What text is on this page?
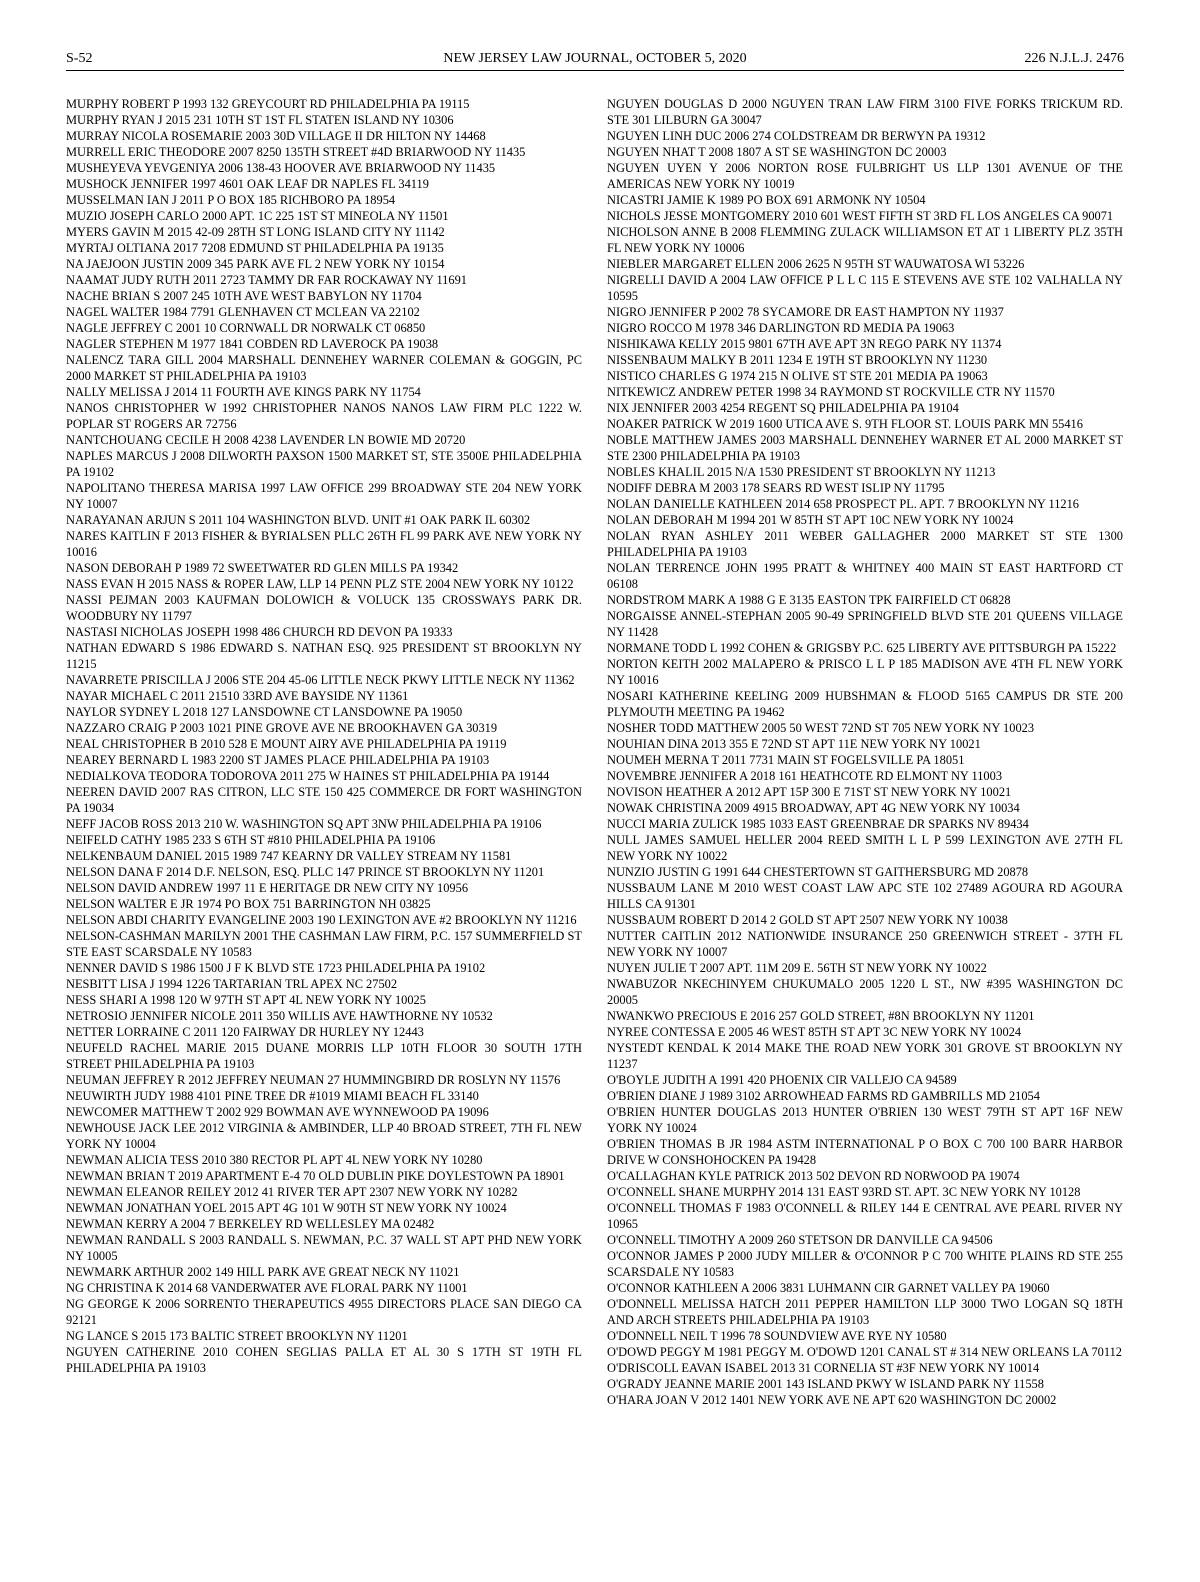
S-52	NEW JERSEY LAW JOURNAL, OCTOBER 5, 2020	226 N.J.L.J. 2476

MURPHY ROBERT P 1993 132 GREYCOURT RD PHILADELPHIA PA 19115

MURPHY RYAN J 2015 231 10TH ST 1ST FL STATEN ISLAND NY 10306

MURRAY NICOLA ROSEMARIE 2003 30D VILLAGE II DR HILTON NY 14468

MURRELL ERIC THEODORE 2007 8250 135TH STREET #4D BRIARWOOD NY 11435

MUSHEYEVA YEVGENIYA 2006 138-43 HOOVER AVE BRIARWOOD NY 11435

MUSHOCK JENNIFER 1997 4601 OAK LEAF DR NAPLES FL 34119

MUSSELMAN IAN J 2011 P O BOX 185 RICHBORO PA 18954

MUZIO JOSEPH CARLO 2000 APT. 1C 225 1ST ST MINEOLA NY 11501

MYERS GAVIN M 2015 42-09 28TH ST LONG ISLAND CITY NY 11142

MYRTAJ OLTIANA 2017 7208 EDMUND ST PHILADELPHIA PA 19135

NA JAEJOON JUSTIN 2009 345 PARK AVE FL 2 NEW YORK NY 10154

NAAMAT JUDY RUTH 2011 2723 TAMMY DR FAR ROCKAWAY NY 11691

NACHE BRIAN S 2007 245 10TH AVE WEST BABYLON NY 11704

NAGEL WALTER 1984 7791 GLENHAVEN CT MCLEAN VA 22102

NAGLE JEFFREY C 2001 10 CORNWALL DR NORWALK CT 06850

NAGLER STEPHEN M 1977 1841 COBDEN RD LAVEROCK PA 19038

NALENCZ TARA GILL 2004 MARSHALL DENNEHEY WARNER COLEMAN & GOGGIN, PC 2000 MARKET ST PHILADELPHIA PA 19103

NALLY MELISSA J 2014 11 FOURTH AVE KINGS PARK NY 11754

NANOS CHRISTOPHER W 1992 CHRISTOPHER NANOS NANOS LAW FIRM PLC 1222 W. POPLAR ST ROGERS AR 72756

NANTCHOUANG CECILE H 2008 4238 LAVENDER LN BOWIE MD 20720

NAPLES MARCUS J 2008 DILWORTH PAXSON 1500 MARKET ST, STE 3500E PHILADELPHIA PA 19102

NAPOLITANO THERESA MARISA 1997 LAW OFFICE 299 BROADWAY STE 204 NEW YORK NY 10007

NARAYANAN ARJUN S 2011 104 WASHINGTON BLVD. UNIT #1 OAK PARK IL 60302

NARES KAITLIN F 2013 FISHER & BYRIALSEN PLLC 26TH FL 99 PARK AVE NEW YORK NY 10016

NASON DEBORAH P 1989 72 SWEETWATER RD GLEN MILLS PA 19342

NASS EVAN H 2015 NASS & ROPER LAW, LLP 14 PENN PLZ STE 2004 NEW YORK NY 10122

NASSI PEJMAN 2003 KAUFMAN DOLOWICH & VOLUCK 135 CROSSWAYS PARK DR. WOODBURY NY 11797

NASTASI NICHOLAS JOSEPH 1998 486 CHURCH RD DEVON PA 19333

NATHAN EDWARD S 1986 EDWARD S. NATHAN ESQ. 925 PRESIDENT ST BROOKLYN NY 11215

NAVARRETE PRISCILLA J 2006 STE 204 45-06 LITTLE NECK PKWY LITTLE NECK NY 11362

NAYAR MICHAEL C 2011 21510 33RD AVE BAYSIDE NY 11361

NAYLOR SYDNEY L 2018 127 LANSDOWNE CT LANSDOWNE PA 19050

NAZZARO CRAIG P 2003 1021 PINE GROVE AVE NE BROOKHAVEN GA 30319

NEAL CHRISTOPHER B 2010 528 E MOUNT AIRY AVE PHILADELPHIA PA 19119

NEAREY BERNARD L 1983 2200 ST JAMES PLACE PHILADELPHIA PA 19103

NEDIALKOVA TEODORA TODOROVA 2011 275 W HAINES ST PHILADELPHIA PA 19144

NEEREN DAVID 2007 RAS CITRON, LLC STE 150 425 COMMERCE DR FORT WASHINGTON PA 19034

NEFF JACOB ROSS 2013 210 W. WASHINGTON SQ APT 3NW PHILADELPHIA PA 19106

NEIFELD CATHY 1985 233 S 6TH ST #810 PHILADELPHIA PA 19106

NELKENBAUM DANIEL 2015 1989 747 KEARNY DR VALLEY STREAM NY 11581

NELSON DANA F 2014 D.F. NELSON, ESQ. PLLC 147 PRINCE ST BROOKLYN NY 11201

NELSON DAVID ANDREW 1997 11 E HERITAGE DR NEW CITY NY 10956

NELSON WALTER E JR 1974 PO BOX 751 BARRINGTON NH 03825

NELSON ABDI CHARITY EVANGELINE 2003 190 LEXINGTON AVE #2 BROOKLYN NY 11216

NELSON-CASHMAN MARILYN 2001 THE CASHMAN LAW FIRM, P.C. 157 SUMMERFIELD ST STE EAST SCARSDALE NY 10583

NENNER DAVID S 1986 1500 J F K BLVD STE 1723 PHILADELPHIA PA 19102

NESBITT LISA J 1994 1226 TARTARIAN TRL APEX NC 27502

NESS SHARI A 1998 120 W 97TH ST APT 4L NEW YORK NY 10025

NETROSIO JENNIFER NICOLE 2011 350 WILLIS AVE HAWTHORNE NY 10532

NETTER LORRAINE C 2011 120 FAIRWAY DR HURLEY NY 12443

NEUFELD RACHEL MARIE 2015 DUANE MORRIS LLP 10TH FLOOR 30 SOUTH 17TH STREET PHILADELPHIA PA 19103

NEUMAN JEFFREY R 2012 JEFFREY NEUMAN 27 HUMMINGBIRD DR ROSLYN NY 11576

NEUWIRTH JUDY 1988 4101 PINE TREE DR #1019 MIAMI BEACH FL 33140

NEWCOMER MATTHEW T 2002 929 BOWMAN AVE WYNNEWOOD PA 19096

NEWHOUSE JACK LEE 2012 VIRGINIA & AMBINDER, LLP 40 BROAD STREET, 7TH FL NEW YORK NY 10004

NEWMAN ALICIA TESS 2010 380 RECTOR PL APT 4L NEW YORK NY 10280

NEWMAN BRIAN T 2019 APARTMENT E-4 70 OLD DUBLIN PIKE DOYLESTOWN PA 18901

NEWMAN ELEANOR REILEY 2012 41 RIVER TER APT 2307 NEW YORK NY 10282

NEWMAN JONATHAN YOEL 2015 APT 4G 101 W 90TH ST NEW YORK NY 10024

NEWMAN KERRY A 2004 7 BERKELEY RD WELLESLEY MA 02482

NEWMAN RANDALL S 2003 RANDALL S. NEWMAN, P.C. 37 WALL ST APT PHD NEW YORK NY 10005

NEWMARK ARTHUR 2002 149 HILL PARK AVE GREAT NECK NY 11021

NG CHRISTINA K 2014 68 VANDERWATER AVE FLORAL PARK NY 11001

NG GEORGE K 2006 SORRENTO THERAPEUTICS 4955 DIRECTORS PLACE SAN DIEGO CA 92121

NG LANCE S 2015 173 BALTIC STREET BROOKLYN NY 11201

NGUYEN CATHERINE 2010 COHEN SEGLIAS PALLA ET AL 30 S 17TH ST 19TH FL PHILADELPHIA PA 19103

NGUYEN DOUGLAS D 2000 NGUYEN TRAN LAW FIRM 3100 FIVE FORKS TRICKUM RD. STE 301 LILBURN GA 30047

NGUYEN LINH DUC 2006 274 COLDSTREAM DR BERWYN PA 19312

NGUYEN NHAT T 2008 1807 A ST SE WASHINGTON DC 20003

NGUYEN UYEN Y 2006 NORTON ROSE FULBRIGHT US LLP 1301 AVENUE OF THE AMERICAS NEW YORK NY 10019

NICASTRI JAMIE K 1989 PO BOX 691 ARMONK NY 10504

NICHOLS JESSE MONTGOMERY 2010 601 WEST FIFTH ST 3RD FL LOS ANGELES CA 90071

NICHOLSON ANNE B 2008 FLEMMING ZULACK WILLIAMSON ET AT 1 LIBERTY PLZ 35TH FL NEW YORK NY 10006

NIEBLER MARGARET ELLEN 2006 2625 N 95TH ST WAUWATOSA WI 53226

NIGRELLI DAVID A 2004 LAW OFFICE P L L C 115 E STEVENS AVE STE 102 VALHALLA NY 10595

NIGRO JENNIFER P 2002 78 SYCAMORE DR EAST HAMPTON NY 11937

NIGRO ROCCO M 1978 346 DARLINGTON RD MEDIA PA 19063

NISHIKAWA KELLY 2015 9801 67TH AVE APT 3N REGO PARK NY 11374

NISSENBAUM MALKY B 2011 1234 E 19TH ST BROOKLYN NY 11230

NISTICO CHARLES G 1974 215 N OLIVE ST STE 201 MEDIA PA 19063

NITKEWICZ ANDREW PETER 1998 34 RAYMOND ST ROCKVILLE CTR NY 11570

NIX JENNIFER 2003 4254 REGENT SQ PHILADELPHIA PA 19104

NOAKER PATRICK W 2019 1600 UTICA AVE S. 9TH FLOOR ST. LOUIS PARK MN 55416

NOBLE MATTHEW JAMES 2003 MARSHALL DENNEHEY WARNER ET AL 2000 MARKET ST STE 2300 PHILADELPHIA PA 19103

NOBLES KHALIL 2015 N/A 1530 PRESIDENT ST BROOKLYN NY 11213

NODIFF DEBRA M 2003 178 SEARS RD WEST ISLIP NY 11795

NOLAN DANIELLE KATHLEEN 2014 658 PROSPECT PL. APT. 7 BROOKLYN NY 11216

NOLAN DEBORAH M 1994 201 W 85TH ST APT 10C NEW YORK NY 10024

NOLAN RYAN ASHLEY 2011 WEBER GALLAGHER 2000 MARKET ST STE 1300 PHILADELPHIA PA 19103

NOLAN TERRENCE JOHN 1995 PRATT & WHITNEY 400 MAIN ST EAST HARTFORD CT 06108

NORDSTROM MARK A 1988 G E 3135 EASTON TPK FAIRFIELD CT 06828

NORGAISSE ANNEL-STEPHAN 2005 90-49 SPRINGFIELD BLVD STE 201 QUEENS VILLAGE NY 11428

NORMANE TODD L 1992 COHEN & GRIGSBY P.C. 625 LIBERTY AVE PITTSBURGH PA 15222

NORTON KEITH 2002 MALAPERO & PRISCO L L P 185 MADISON AVE 4TH FL NEW YORK NY 10016

NOSARI KATHERINE KEELING 2009 HUBSHMAN & FLOOD 5165 CAMPUS DR STE 200 PLYMOUTH MEETING PA 19462

NOSHER TODD MATTHEW 2005 50 WEST 72ND ST 705 NEW YORK NY 10023

NOUHIAN DINA 2013 355 E 72ND ST APT 11E NEW YORK NY 10021

NOUMEH MERNA T 2011 7731 MAIN ST FOGELSVILLE PA 18051

NOVEMBRE JENNIFER A 2018 161 HEATHCOTE RD ELMONT NY 11003

NOVISON HEATHER A 2012 APT 15P 300 E 71ST ST NEW YORK NY 10021

NOWAK CHRISTINA 2009 4915 BROADWAY, APT 4G NEW YORK NY 10034

NUCCI MARIA ZULICK 1985 1033 EAST GREENBRAE DR SPARKS NV 89434

NULL JAMES SAMUEL HELLER 2004 REED SMITH L L P 599 LEXINGTON AVE 27TH FL NEW YORK NY 10022

NUNZIO JUSTIN G 1991 644 CHESTERTOWN ST GAITHERSBURG MD 20878

NUSSBAUM LANE M 2010 WEST COAST LAW APC STE 102 27489 AGOURA RD AGOURA HILLS CA 91301

NUSSBAUM ROBERT D 2014 2 GOLD ST APT 2507 NEW YORK NY 10038

NUTTER CAITLIN 2012 NATIONWIDE INSURANCE 250 GREENWICH STREET - 37TH FL NEW YORK NY 10007

NUYEN JULIE T 2007 APT. 11M 209 E. 56TH ST NEW YORK NY 10022

NWABUZOR NKECHINYEM CHUKUMALO 2005 1220 L ST., NW #395 WASHINGTON DC 20005

NWANKWO PRECIOUS E 2016 257 GOLD STREET, #8N BROOKLYN NY 11201

NYREE CONTESSA E 2005 46 WEST 85TH ST APT 3C NEW YORK NY 10024

NYSTEDT KENDAL K 2014 MAKE THE ROAD NEW YORK 301 GROVE ST BROOKLYN NY 11237

O'BOYLE JUDITH A 1991 420 PHOENIX CIR VALLEJO CA 94589

O'BRIEN DIANE J 1989 3102 ARROWHEAD FARMS RD GAMBRILLS MD 21054

O'BRIEN HUNTER DOUGLAS 2013 HUNTER O'BRIEN 130 WEST 79TH ST APT 16F NEW YORK NY 10024

O'BRIEN THOMAS B JR 1984 ASTM INTERNATIONAL P O BOX C 700 100 BARR HARBOR DRIVE W CONSHOHOCKEN PA 19428

O'CALLAGHAN KYLE PATRICK 2013 502 DEVON RD NORWOOD PA 19074

O'CONNELL SHANE MURPHY 2014 131 EAST 93RD ST. APT. 3C NEW YORK NY 10128

O'CONNELL THOMAS F 1983 O'CONNELL & RILEY 144 E CENTRAL AVE PEARL RIVER NY 10965

O'CONNELL TIMOTHY A 2009 260 STETSON DR DANVILLE CA 94506

O'CONNOR JAMES P 2000 JUDY MILLER & O'CONNOR P C 700 WHITE PLAINS RD STE 255 SCARSDALE NY 10583

O'CONNOR KATHLEEN A 2006 3831 LUHMANN CIR GARNET VALLEY PA 19060

O'DONNELL MELISSA HATCH 2011 PEPPER HAMILTON LLP 3000 TWO LOGAN SQ 18TH AND ARCH STREETS PHILADELPHIA PA 19103

O'DONNELL NEIL T 1996 78 SOUNDVIEW AVE RYE NY 10580

O'DOWD PEGGY M 1981 PEGGY M. O'DOWD 1201 CANAL ST # 314 NEW ORLEANS LA 70112

O'DRISCOLL EAVAN ISABEL 2013 31 CORNELIA ST #3F NEW YORK NY 10014

O'GRADY JEANNE MARIE 2001 143 ISLAND PKWY W ISLAND PARK NY 11558

O'HARA JOAN V 2012 1401 NEW YORK AVE NE APT 620 WASHINGTON DC 20002
